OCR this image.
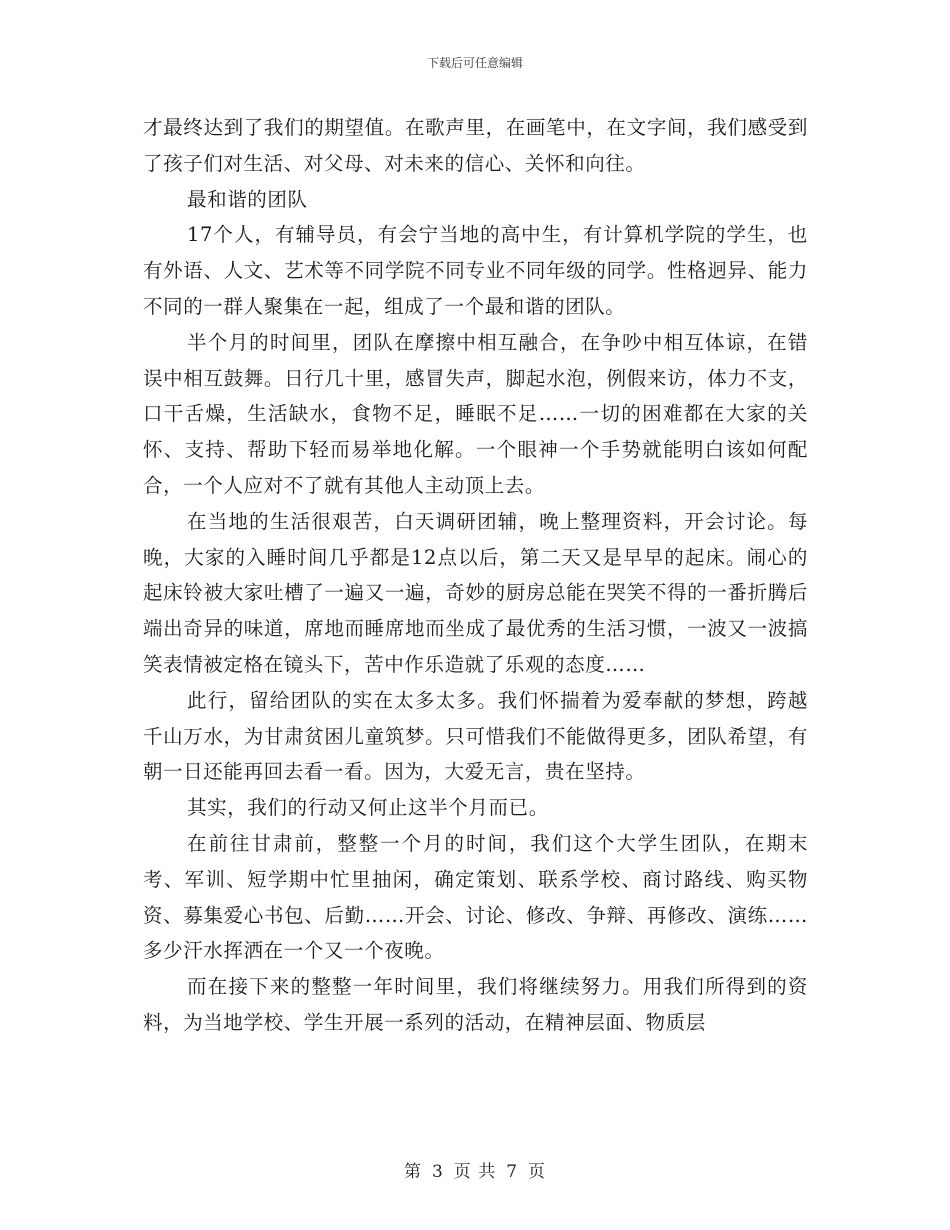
下载后可任意编辑

才最终达到了我们的期望值。在歌声里，在画笔中，在文字间，我们感受到了孩子们对生活、对父母、对未来的信心、关怀和向往。

最和谐的团队

17个人，有辅导员，有会宁当地的高中生，有计算机学院的学生，也有外语、人文、艺术等不同学院不同专业不同年级的同学。性格迥异、能力不同的一群人聚集在一起，组成了一个最和谐的团队。

半个月的时间里，团队在摩擦中相互融合，在争吵中相互体谅，在错误中相互鼓舞。日行几十里，感冒失声，脚起水泡，例假来访，体力不支，口干舌燥，生活缺水，食物不足，睡眠不足……一切的困难都在大家的关怀、支持、帮助下轻而易举地化解。一个眼神一个手势就能明白该如何配合，一个人应对不了就有其他人主动顶上去。

在当地的生活很艰苦，白天调研团辅，晚上整理资料，开会讨论。每晚，大家的入睡时间几乎都是12点以后，第二天又是早早的起床。闹心的起床铃被大家吐槽了一遍又一遍，奇妙的厨房总能在哭笑不得的一番折腾后端出奇异的味道，席地而睡席地而坐成了最优秀的生活习惯，一波又一波搞笑表情被定格在镜头下，苦中作乐造就了乐观的态度……

此行，留给团队的实在太多太多。我们怀揣着为爱奉献的梦想，跨越千山万水，为甘肃贫困儿童筑梦。只可惜我们不能做得更多，团队希望，有朝一日还能再回去看一看。因为，大爱无言，贵在坚持。

其实，我们的行动又何止这半个月而已。

在前往甘肃前，整整一个月的时间，我们这个大学生团队，在期末考、军训、短学期中忙里抽闲，确定策划、联系学校、商讨路线、购买物资、募集爱心书包、后勤……开会、讨论、修改、争辩、再修改、演练……多少汗水挥洒在一个又一个夜晚。

而在接下来的整整一年时间里，我们将继续努力。用我们所得到的资料，为当地学校、学生开展一系列的活动，在精神层面、物质层

第 3 页 共 7 页
